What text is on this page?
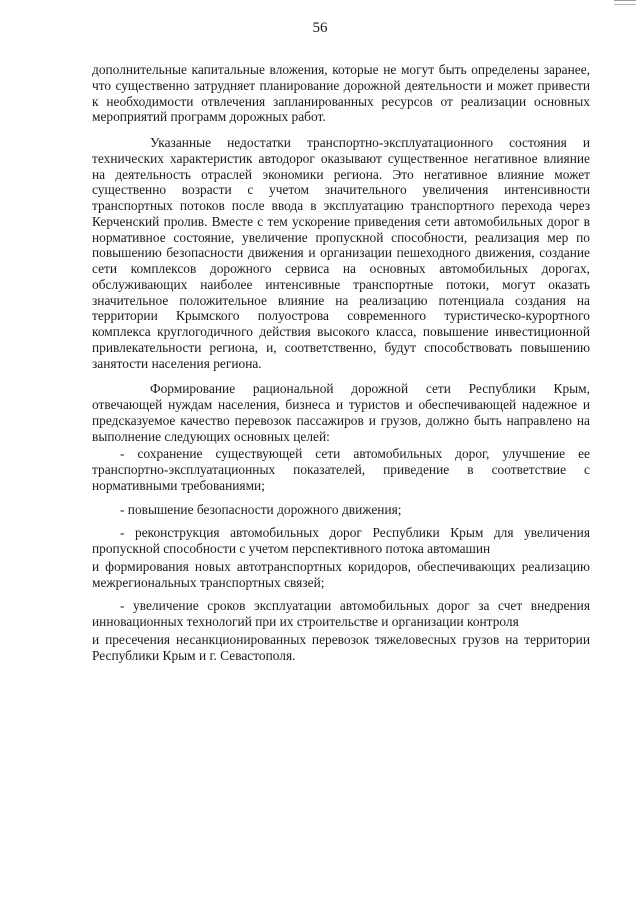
56

дополнительные капитальные вложения, которые не могут быть определены заранее, что существенно затрудняет планирование дорожной деятельности и может привести к необходимости отвлечения запланированных ресурсов от реализации основных мероприятий программ дорожных работ.

Указанные недостатки транспортно-эксплуатационного состояния и технических характеристик автодорог оказывают существенное негативное влияние на деятельность отраслей экономики региона. Это негативное влияние может существенно возрасти с учетом значительного увеличения интенсивности транспортных потоков после ввода в эксплуатацию транспортного перехода через Керченский пролив. Вместе с тем ускорение приведения сети автомобильных дорог в нормативное состояние, увеличение пропускной способности, реализация мер по повышению безопасности движения и организации пешеходного движения, создание сети комплексов дорожного сервиса на основных автомобильных дорогах, обслуживающих наиболее интенсивные транспортные потоки, могут оказать значительное положительное влияние на реализацию потенциала создания на территории Крымского полуострова современного туристическо-курортного комплекса круглогодичного действия высокого класса, повышение инвестиционной привлекательности региона, и, соответственно, будут способствовать повышению занятости населения региона.

Формирование рациональной дорожной сети Республики Крым, отвечающей нуждам населения, бизнеса и туристов и обеспечивающей надежное и предсказуемое качество перевозок пассажиров и грузов, должно быть направлено на выполнение следующих основных целей:

- сохранение существующей сети автомобильных дорог, улучшение ее транспортно-эксплуатационных показателей, приведение в соответствие с нормативными требованиями;

- повышение безопасности дорожного движения;

- реконструкция автомобильных дорог Республики Крым для увеличения пропускной способности с учетом перспективного потока автомашин

и формирования новых автотранспортных коридоров, обеспечивающих реализацию межрегиональных транспортных связей;

- увеличение сроков эксплуатации автомобильных дорог за счет внедрения инновационных технологий при их строительстве и организации контроля

и пресечения несанкционированных перевозок тяжеловесных грузов на территории Республики Крым и г. Севастополя.
